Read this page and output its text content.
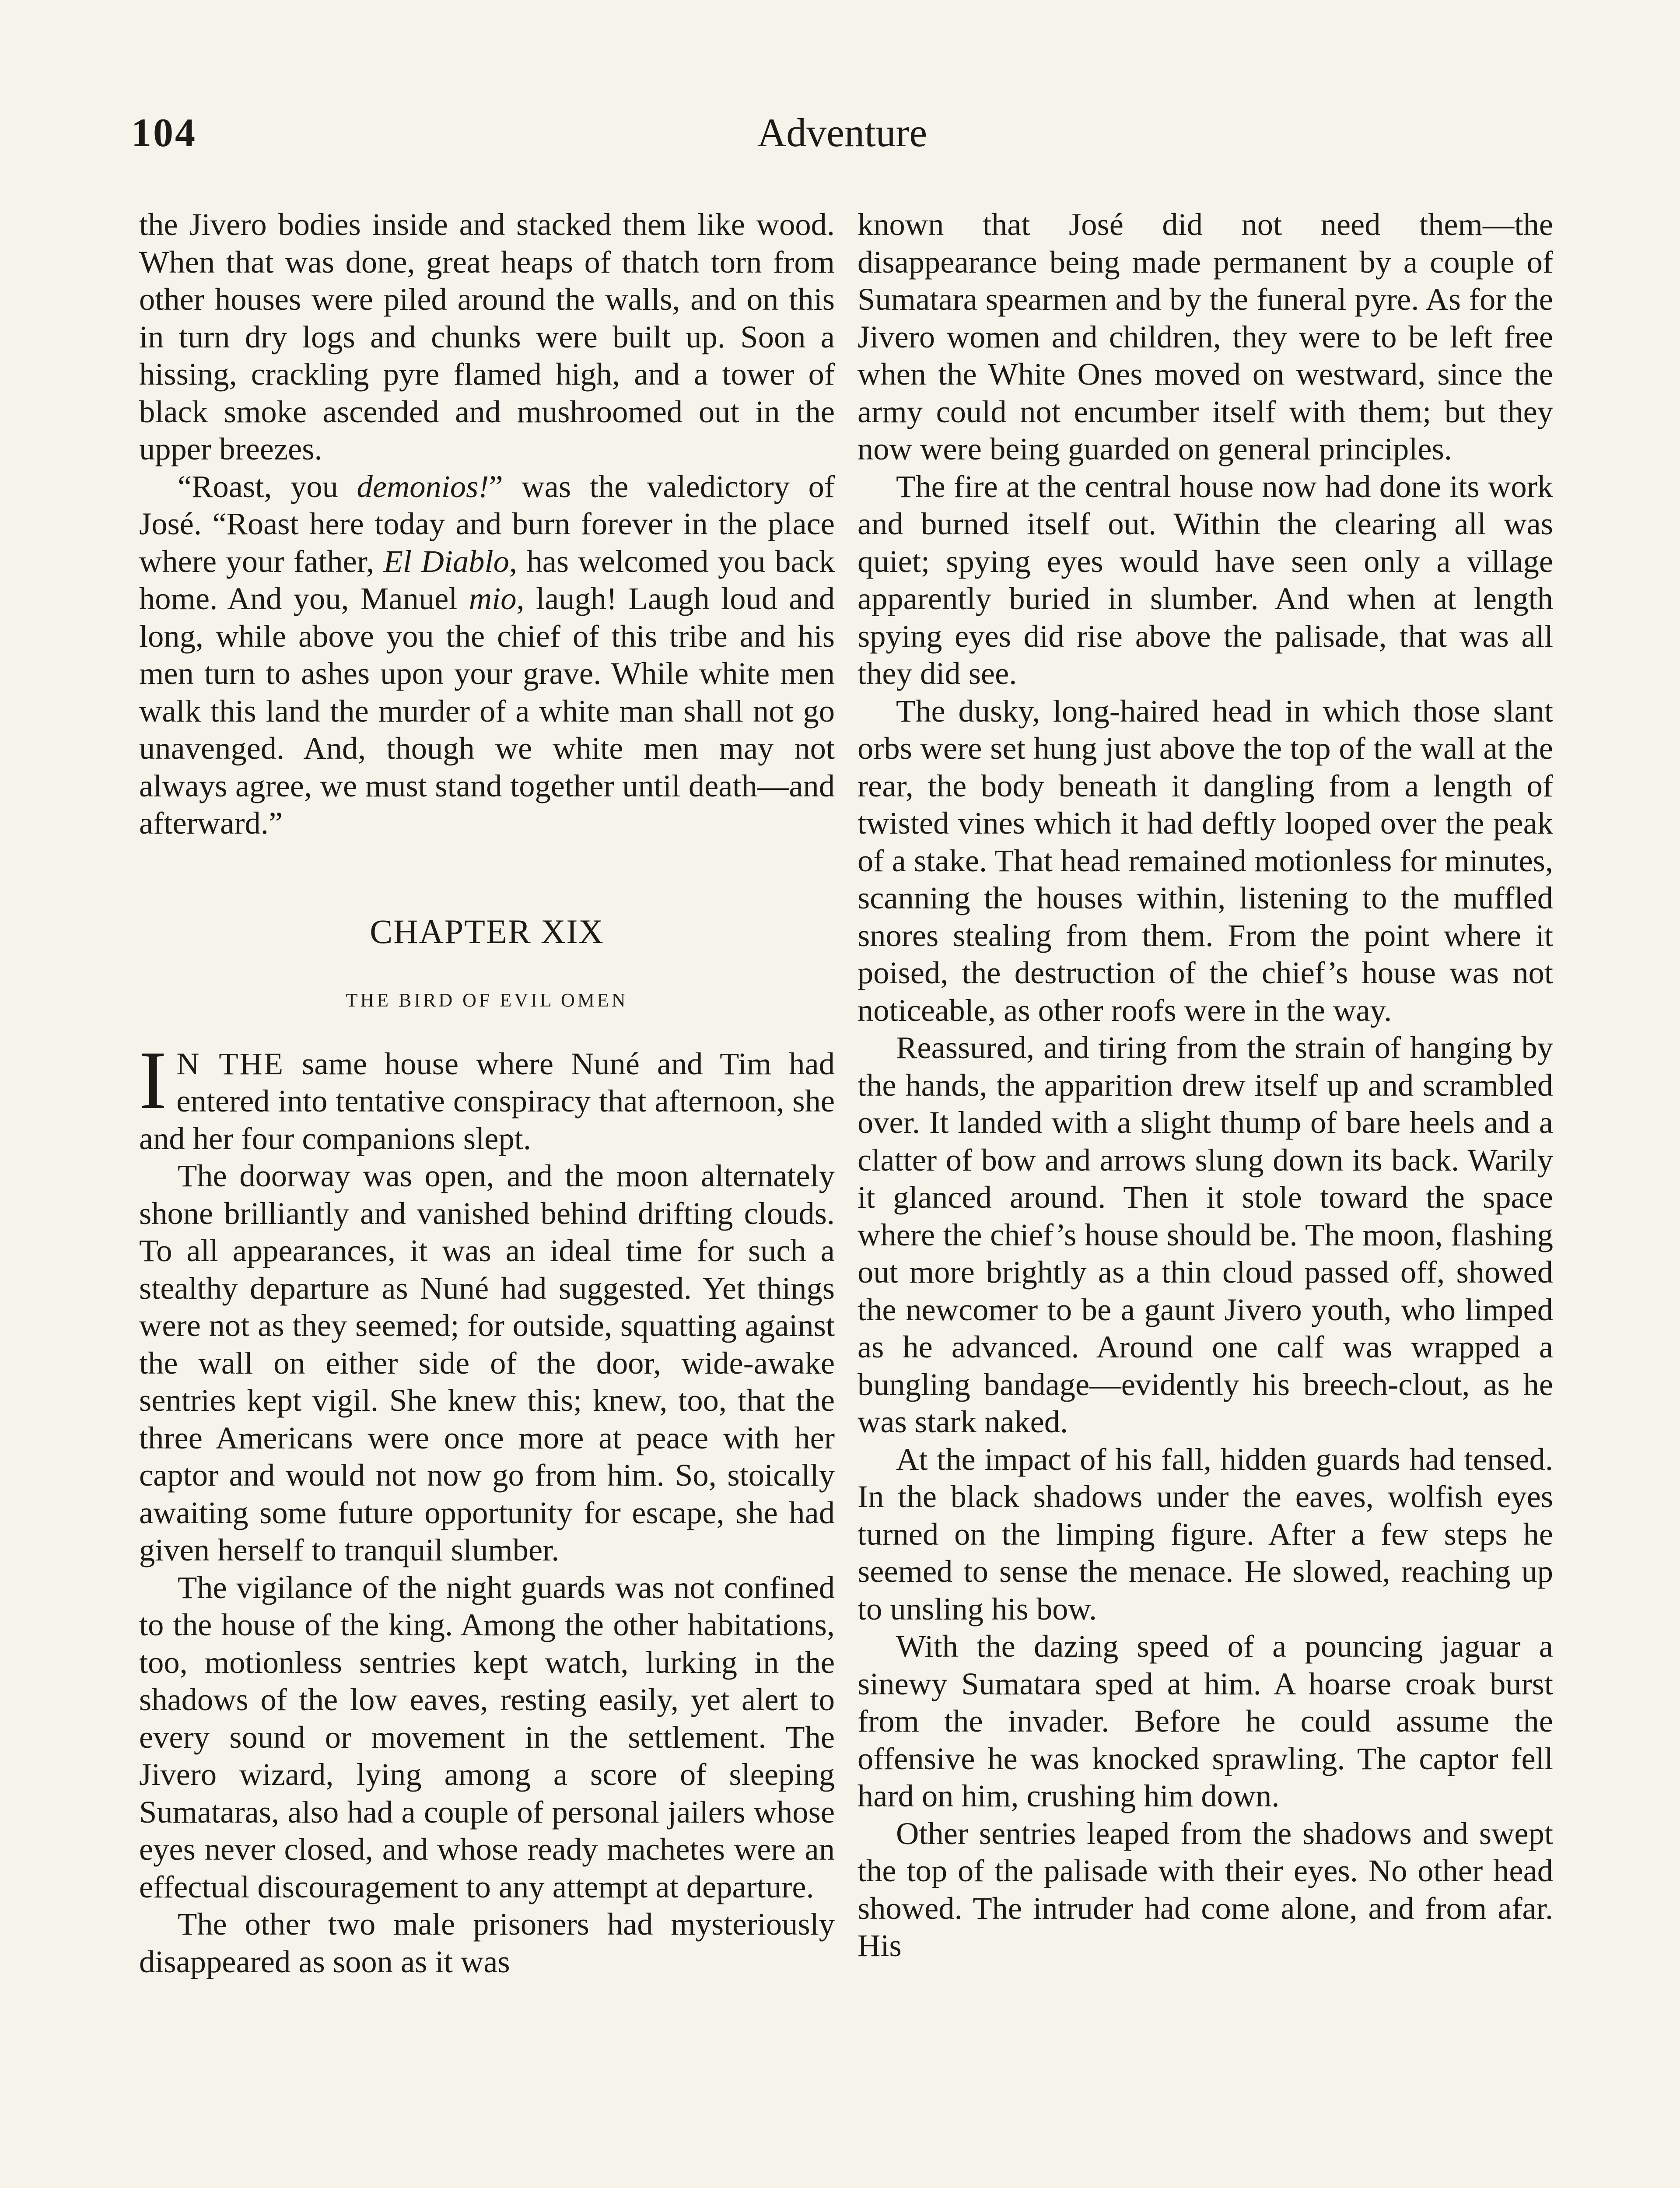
104	Adventure

the Jivero bodies inside and stacked them like wood. When that was done, great heaps of thatch torn from other houses were piled around the walls, and on this in turn dry logs and chunks were built up. Soon a hissing, crackling pyre flamed high, and a tower of black smoke ascended and mushroomed out in the upper breezes.

“Roast, you demonios!” was the valedictory of José. “Roast here today and burn forever in the place where your father, El Diablo, has welcomed you back home. And you, Manuel mio, laugh! Laugh loud and long, while above you the chief of this tribe and his men turn to ashes upon your grave. While white men walk this land the murder of a white man shall not go unavenged. And, though we white men may not always agree, we must stand together until death—and afterward.”

CHAPTER XIX
THE BIRD OF EVIL OMEN

I N THE same house where Nuné and Tim had entered into tentative conspiracy that afternoon, she and her four companions slept.

The doorway was open, and the moon alternately shone brilliantly and vanished behind drifting clouds. To all appearances, it was an ideal time for such a stealthy departure as Nuné had suggested. Yet things were not as they seemed; for outside, squatting against the wall on either side of the door, wide-awake sentries kept vigil. She knew this; knew, too, that the three Americans were once more at peace with her captor and would not now go from him. So, stoically awaiting some future opportunity for escape, she had given herself to tranquil slumber.

The vigilance of the night guards was not confined to the house of the king. Among the other habitations, too, motionless sentries kept watch, lurking in the shadows of the low eaves, resting easily, yet alert to every sound or movement in the settlement. The Jivero wizard, lying among a score of sleeping Sumataras, also had a couple of personal jailers whose eyes never closed, and whose ready machetes were an effectual discouragement to any attempt at departure.

The other two male prisoners had mysteriously disappeared as soon as it was

known that José did not need them—the disappearance being made permanent by a couple of Sumatara spearmen and by the funeral pyre. As for the Jivero women and children, they were to be left free when the White Ones moved on westward, since the army could not encumber itself with them; but they now were being guarded on general principles.

The fire at the central house now had done its work and burned itself out. Within the clearing all was quiet; spying eyes would have seen only a village apparently buried in slumber. And when at length spying eyes did rise above the palisade, that was all they did see.

The dusky, long-haired head in which those slant orbs were set hung just above the top of the wall at the rear, the body beneath it dangling from a length of twisted vines which it had deftly looped over the peak of a stake. That head remained motionless for minutes, scanning the houses within, listening to the muffled snores stealing from them. From the point where it poised, the destruction of the chief’s house was not noticeable, as other roofs were in the way.

Reassured, and tiring from the strain of hanging by the hands, the apparition drew itself up and scrambled over. It landed with a slight thump of bare heels and a clatter of bow and arrows slung down its back. Warily it glanced around. Then it stole toward the space where the chief’s house should be. The moon, flashing out more brightly as a thin cloud passed off, showed the newcomer to be a gaunt Jivero youth, who limped as he advanced. Around one calf was wrapped a bungling bandage—evidently his breech-clout, as he was stark naked.

At the impact of his fall, hidden guards had tensed. In the black shadows under the eaves, wolfish eyes turned on the limping figure. After a few steps he seemed to sense the menace. He slowed, reaching up to unsling his bow.

With the dazing speed of a pouncing jaguar a sinewy Sumatara sped at him. A hoarse croak burst from the invader. Before he could assume the offensive he was knocked sprawling. The captor fell hard on him, crushing him down.

Other sentries leaped from the shadows and swept the top of the palisade with their eyes. No other head showed. The intruder had come alone, and from afar. His
